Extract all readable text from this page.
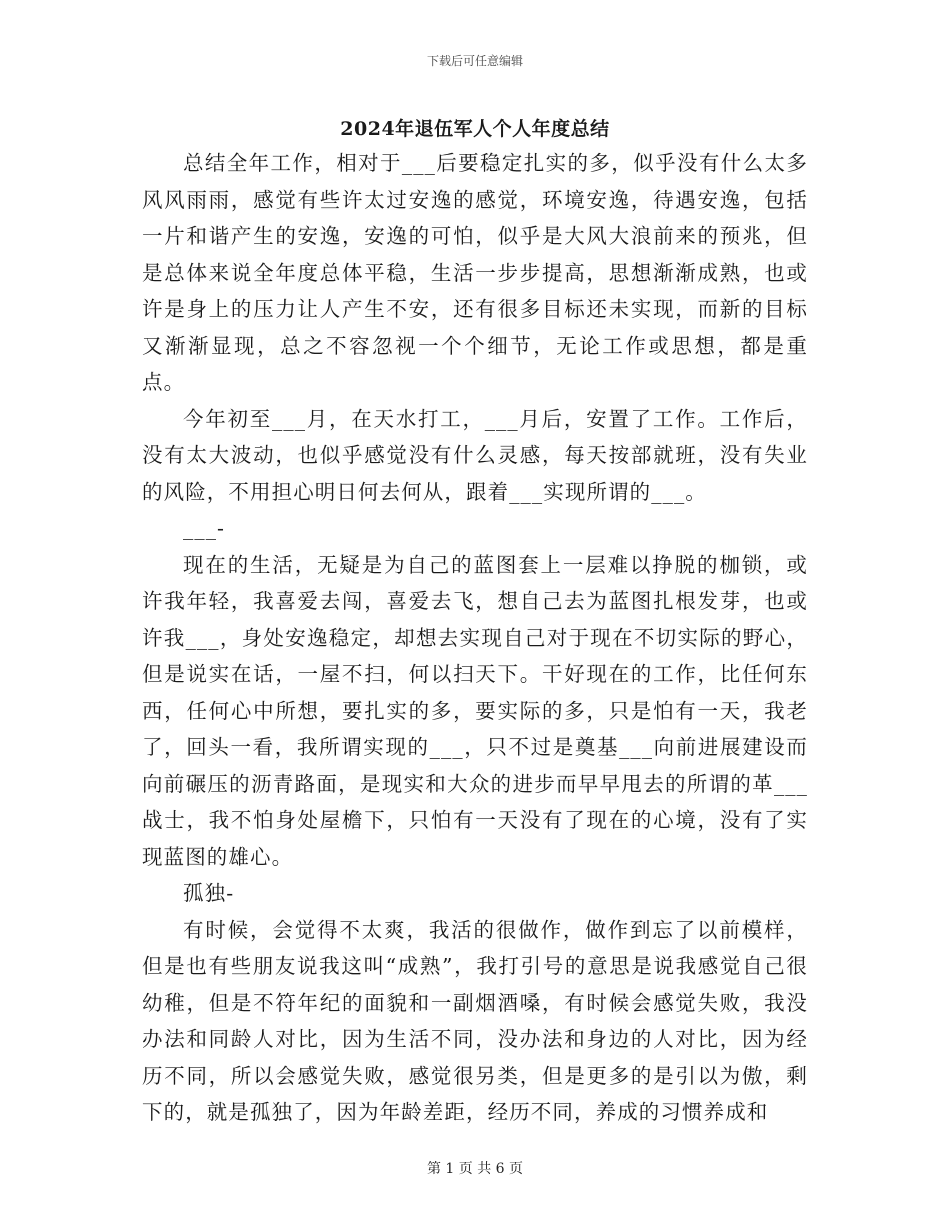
下载后可任意编辑
2024年退伍军人个人年度总结

总结全年工作，相对于___后要稳定扎实的多，似乎没有什么太多风风雨雨，感觉有些许太过安逸的感觉，环境安逸，待遇安逸，包括一片和谐产生的安逸，安逸的可怕，似乎是大风大浪前来的预兆，但是总体来说全年度总体平稳，生活一步步提高，思想渐渐成熟，也或许是身上的压力让人产生不安，还有很多目标还未实现，而新的目标又渐渐显现，总之不容忽视一个个细节，无论工作或思想，都是重点。

今年初至___月，在天水打工，___月后，安置了工作。工作后，没有太大波动，也似乎感觉没有什么灵感，每天按部就班，没有失业的风险，不用担心明日何去何从，跟着___实现所谓的___。

___-

现在的生活，无疑是为自己的蓝图套上一层难以挣脱的枷锁，或许我年轻，我喜爱去闯，喜爱去飞，想自己去为蓝图扎根发芽，也或许我___，身处安逸稳定，却想去实现自己对于现在不切实际的野心，但是说实在话，一屋不扫，何以扫天下。干好现在的工作，比任何东西，任何心中所想，要扎实的多，要实际的多，只是怕有一天，我老了，回头一看，我所谓实现的___，只不过是奠基___向前进展建设而向前碾压的沥青路面，是现实和大众的进步而早早甩去的所谓的革___战士，我不怕身处屋檐下，只怕有一天没有了现在的心境，没有了实现蓝图的雄心。

孤独-

有时候，会觉得不太爽，我活的很做作，做作到忘了以前模样，但是也有些朋友说我这叫“成熟”，我打引号的意思是说我感觉自己很幼稚，但是不符年纪的面貌和一副烟酒嗓，有时候会感觉失败，我没办法和同龄人对比，因为生活不同，没办法和身边的人对比，因为经历不同，所以会感觉失败，感觉很另类，但是更多的是引以为傲，剩下的，就是孤独了，因为年龄差距，经历不同，养成的习惯养成和

第 1 页 共 6 页
